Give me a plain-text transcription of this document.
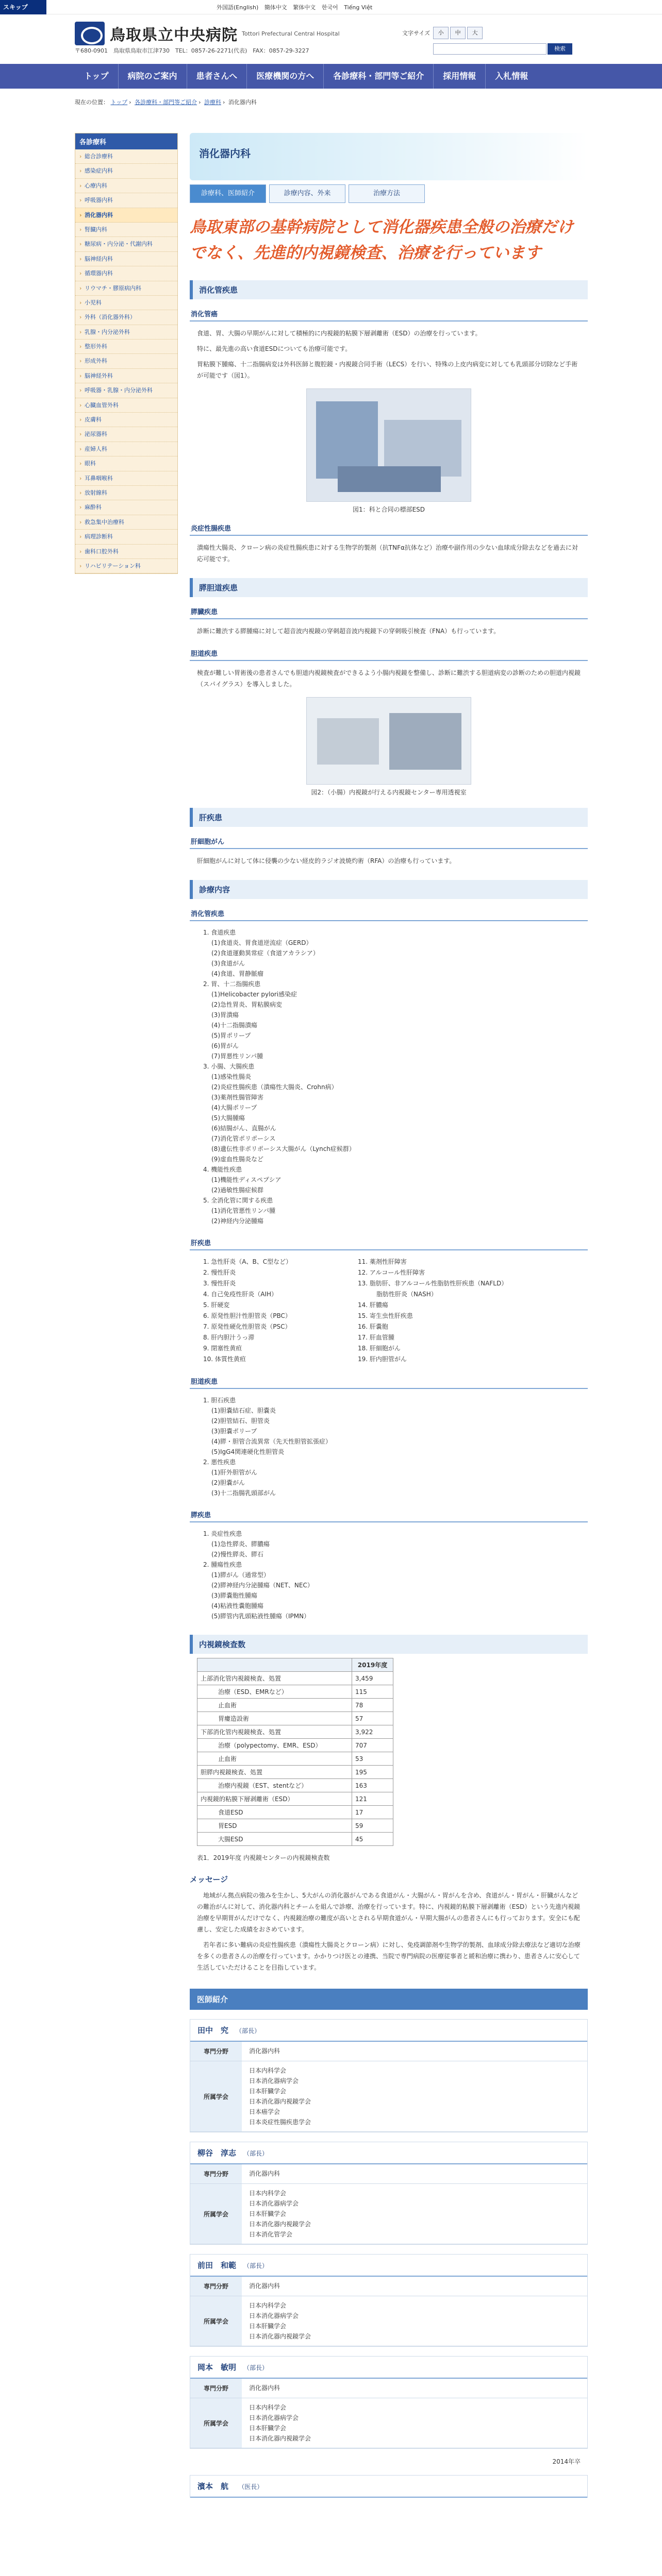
スキップ	外国語(English) 簡体中文 繁体中文 한국어 Tiếng Việt
鳥取県立中央病院 Tottori Prefectural Central Hospital
〒680-0901　鳥取県鳥取市江津730　TEL：0857-26-2271(代表)　FAX：0857-29-3227
文字サイズ	小	中	大
検索
トップ	病院のご案内	患者さんへ	医療機関の方へ	各診療科・部門等ご紹介	採用情報	入札情報
現在の位置： トップ › 各診療科・部門等ご紹介 › 診療科 › 消化器内科
各診療科
› 総合診療科
› 感染症内科
› 心療内科
› 呼吸器内科
› 消化器内科
› 腎臓内科
› 糖尿病・内分泌・代謝内科
› 脳神経内科
› 循環器内科
› リウマチ・膠原病内科
› 小児科
› 外科（消化器外科）
› 乳腺・内分泌外科
› 整形外科
› 形成外科
› 脳神経外科
› 呼吸器・乳腺・内分泌外科
› 心臓血管外科
› 皮膚科
› 泌尿器科
› 産婦人科
› 眼科
› 耳鼻咽喉科
› 放射線科
› 麻酔科
› 救急集中治療科
› 病理診断科
› 歯科口腔外科
› リハビリテーション科
消化器内科
診療科、医師紹介	診療内容、外来	治療方法
鳥取東部の基幹病院として消化器疾患全般の治療だけでなく、先進的内視鏡検査、治療を行っています
消化管疾患
消化管癌
食道、胃、大腸の早期がんに対して積極的に内視鏡的粘膜下層剥離術（ESD）の治療を行っています。
特に、最先進の高い食道ESDについても治療可能です。
胃粘膜下腫瘍、十二指腸病変は外科医師と腹腔鏡・内視鏡合同手術（LECS）を行い、特殊の上皮内病変に対しても乳頭部分切除など手術が可能です（図1）。
図1：科と合同の標部ESD
炎症性腸疾患
潰瘍性大腸炎、クローン病の炎症性腸疾患に対する生物学的製剤（抗TNFα抗体など）治療や副作用の少ない血球成分除去などを過去に対応可能です。
膵胆道疾患
膵臓疾患
診断に難渋する膵腫瘍に対して超音波内視鏡の穿刺超音波内視鏡下の穿刺吸引検査（FNA）も行っています。
胆道疾患
検査が難しい胃術後の患者さんでも胆道内視鏡検査ができるよう小腸内視鏡を整備し、診断に難渋する胆道病変の診断のための胆道内視鏡（スパイグラス）を導入しました。
図2：（小腸）内視鏡が行える内視鏡センター専用透視室
肝疾患
肝細胞がん
肝細胞がんに対して体に侵襲の少ない経皮的ラジオ波焼灼術（RFA）の治療も行っています。
診療内容
消化管疾患
1. 食道疾患
(1)食道炎、胃食道逆流症（GERD）
(2)食道運動異常症（食道アカラシア）
(3)食道がん
(4)食道、胃静脈瘤
2. 胃、十二指腸疾患
(1)Helicobacter pylori感染症
(2)急性胃炎、胃粘膜病変
(3)胃潰瘍
(4)十二指腸潰瘍
(5)胃ポリープ
(6)胃がん
(7)胃悪性リンパ腫
3. 小腸、大腸疾患
(1)感染性腸炎
(2)炎症性腸疾患（潰瘍性大腸炎、Crohn病）
(3)薬剤性腸管障害
(4)大腸ポリープ
(5)大腸腫瘍
(6)結腸がん、直腸がん
(7)消化管ポリポーシス
(8)遺伝性非ポリポーシス大腸がん（Lynch症候群）
(9)虚血性腸炎など
4. 機能性疾患
(1)機能性ディスペプシア
(2)過敏性腸症候群
5. 全消化管に関する疾患
(1)消化管悪性リンパ腫
(2)神経内分泌腫瘍
肝疾患
1. 急性肝炎（A、B、C型など）
2. 慢性肝炎
3. 慢性肝炎
4. 自己免疫性肝炎（AIH）
5. 肝硬変
6. 原発性胆汁性胆管炎（PBC）
7. 原発性硬化性胆管炎（PSC）
8. 肝内胆汁うっ滞
9. 閉塞性黄疸
10. 体質性黄疸
11. 薬剤性肝障害
12. アルコール性肝障害
13. 脂肪肝、非アルコール性脂肪性肝疾患（NAFLD）
　　　脂肪性肝炎（NASH）
14. 肝膿瘍
15. 寄生虫性肝疾患
16. 肝嚢胞
17. 肝血管腫
18. 肝細胞がん
19. 肝内胆管がん
胆道疾患
1. 胆石疾患
(1)胆嚢結石症、胆嚢炎
(2)胆管結石、胆管炎
(3)胆嚢ポリープ
(4)膵・胆管合流異常（先天性胆管拡張症）
(5)IgG4関連硬化性胆管炎
2. 悪性疾患
(1)肝外胆管がん
(2)胆嚢がん
(3)十二指腸乳頭部がん
膵疾患
1. 炎症性疾患
(1)急性膵炎、膵膿瘍
(2)慢性膵炎、膵石
2. 腫瘍性疾患
(1)膵がん（通常型）
(2)膵神経内分泌腫瘍（NET、NEC）
(3)膵嚢胞性腫瘍
(4)粘液性嚢胞腫瘍
(5)膵管内乳頭粘液性腫瘍（IPMN）
内視鏡検査数
	2019年度
上部消化管内視鏡検査、処置	3,459
治療（ESD、EMRなど）	115
止血術	78
胃瘻造設術	57
下部消化管内視鏡検査、処置	3,922
治療（polypectomy、EMR、ESD）	707
止血術	53
胆膵内視鏡検査、処置	195
治療内視鏡（EST、stentなど）	163
内視鏡的粘膜下層剥離術（ESD）	121
食道ESD	17
胃ESD	59
大腸ESD	45
表1．2019年度 内視鏡センターの内視鏡検査数
メッセージ
　地域がん拠点病院の強みを生かし、5大がんの消化器がんである食道がん・大腸がん・胃がんを含め、食道がん・胃がん・肝臓がんなどの難治がんに対して、消化器内科とチームを組んで診療、治療を行っています。特に、内視鏡的粘膜下層剥離術（ESD）という先進内視鏡治療を早期胃がんだけでなく、内視鏡治療の難度が高いとされる早期食道がん・早期大腸がんの患者さんにも行っております。安全にも配慮し、安定した成績をおさめています。
　若年者に多い難病の炎症性腸疾患（潰瘍性大腸炎とクローン病）に対し、免疫調節剤や生物学的製剤、血球成分除去療法など適切な治療を多くの患者さんの治療を行っています。かかりつけ医との連携、当院で専門病院の医療従事者と緩和治療に携わり、患者さんに安心して生活していただけることを目指しています。
医師紹介
田中　究 （部長）
専門分野	消化器内科
所属学会
日本内科学会
日本消化器病学会
日本肝臓学会
日本消化器内視鏡学会
日本癌学会
日本炎症性腸疾患学会
柳谷　淳志 （部長）
専門分野	消化器内科
所属学会
日本内科学会
日本消化器病学会
日本肝臓学会
日本消化器内視鏡学会
日本消化管学会
前田　和範 （部長）
専門分野	消化器内科
所属学会
日本内科学会
日本消化器病学会
日本肝臓学会
日本消化器内視鏡学会
岡本　敏明 （部長）
専門分野	消化器内科
所属学会
日本内科学会
日本消化器病学会
日本肝臓学会
日本消化器内視鏡学会
2014年卒
濱本　航 （医長）
